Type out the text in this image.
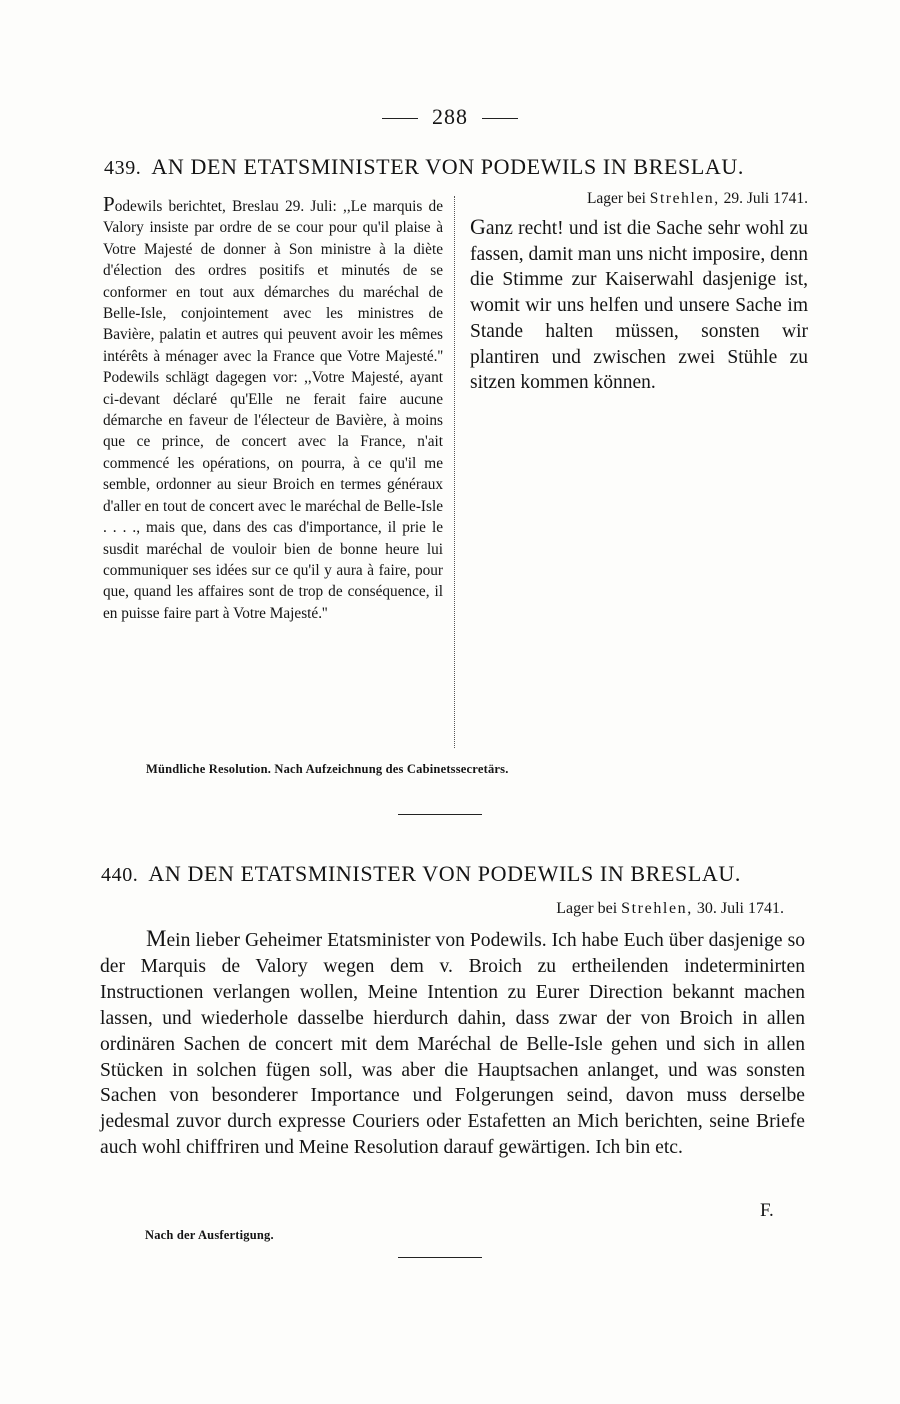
288
439. AN DEN ETATSMINISTER VON PODEWILS IN BRESLAU.
Podewils berichtet, Breslau 29. Juli: ,,Le marquis de Valory insiste par ordre de se cour pour qu'il plaise à Votre Majesté de donner à Son ministre à la diète d'élection des ordres positifs et minutés de se conformer en tout aux démarches du maréchal de Belle-Isle, conjointement avec les ministres de Bavière, palatin et autres qui peuvent avoir les mêmes intérêts à ménager avec la France que Votre Majesté.'' Podewils schlägt dagegen vor: ,,Votre Majesté, ayant ci-devant déclaré qu'Elle ne ferait faire aucune démarche en faveur de l'électeur de Bavière, à moins que ce prince, de concert avec la France, n'ait commencé les opérations, on pourra, à ce qu'il me semble, ordonner au sieur Broich en termes généraux d'aller en tout de concert avec le maréchal de Belle-Isle . . . ., mais que, dans des cas d'importance, il prie le susdit maréchal de vouloir bien de bonne heure lui communiquer ses idées sur ce qu'il y aura à faire, pour que, quand les affaires sont de trop de conséquence, il en puisse faire part à Votre Majesté.''
Lager bei Strehlen, 29. Juli 1741.
Ganz recht! und ist die Sache sehr wohl zu fassen, damit man uns nicht imposire, denn die Stimme zur Kaiserwahl dasjenige ist, womit wir uns helfen und unsere Sache im Stande halten müssen, sonsten wir plantiren und zwischen zwei Stühle zu sitzen kommen können.
Mündliche Resolution. Nach Aufzeichnung des Cabinetssecretärs.
440. AN DEN ETATSMINISTER VON PODEWILS IN BRESLAU.
Lager bei Strehlen, 30. Juli 1741.
Mein lieber Geheimer Etatsminister von Podewils. Ich habe Euch über dasjenige so der Marquis de Valory wegen dem v. Broich zu ertheilenden indeterminirten Instructionen verlangen wollen, Meine Intention zu Eurer Direction bekannt machen lassen, und wiederhole dasselbe hierdurch dahin, dass zwar der von Broich in allen ordinären Sachen de concert mit dem Maréchal de Belle-Isle gehen und sich in allen Stücken in solchen fügen soll, was aber die Hauptsachen anlanget, und was sonsten Sachen von besonderer Importance und Folgerungen seind, davon muss derselbe jedesmal zuvor durch expresse Couriers oder Estafetten an Mich berichten, seine Briefe auch wohl chiffriren und Meine Resolution darauf gewärtigen. Ich bin etc.
F.
Nach der Ausfertigung.
